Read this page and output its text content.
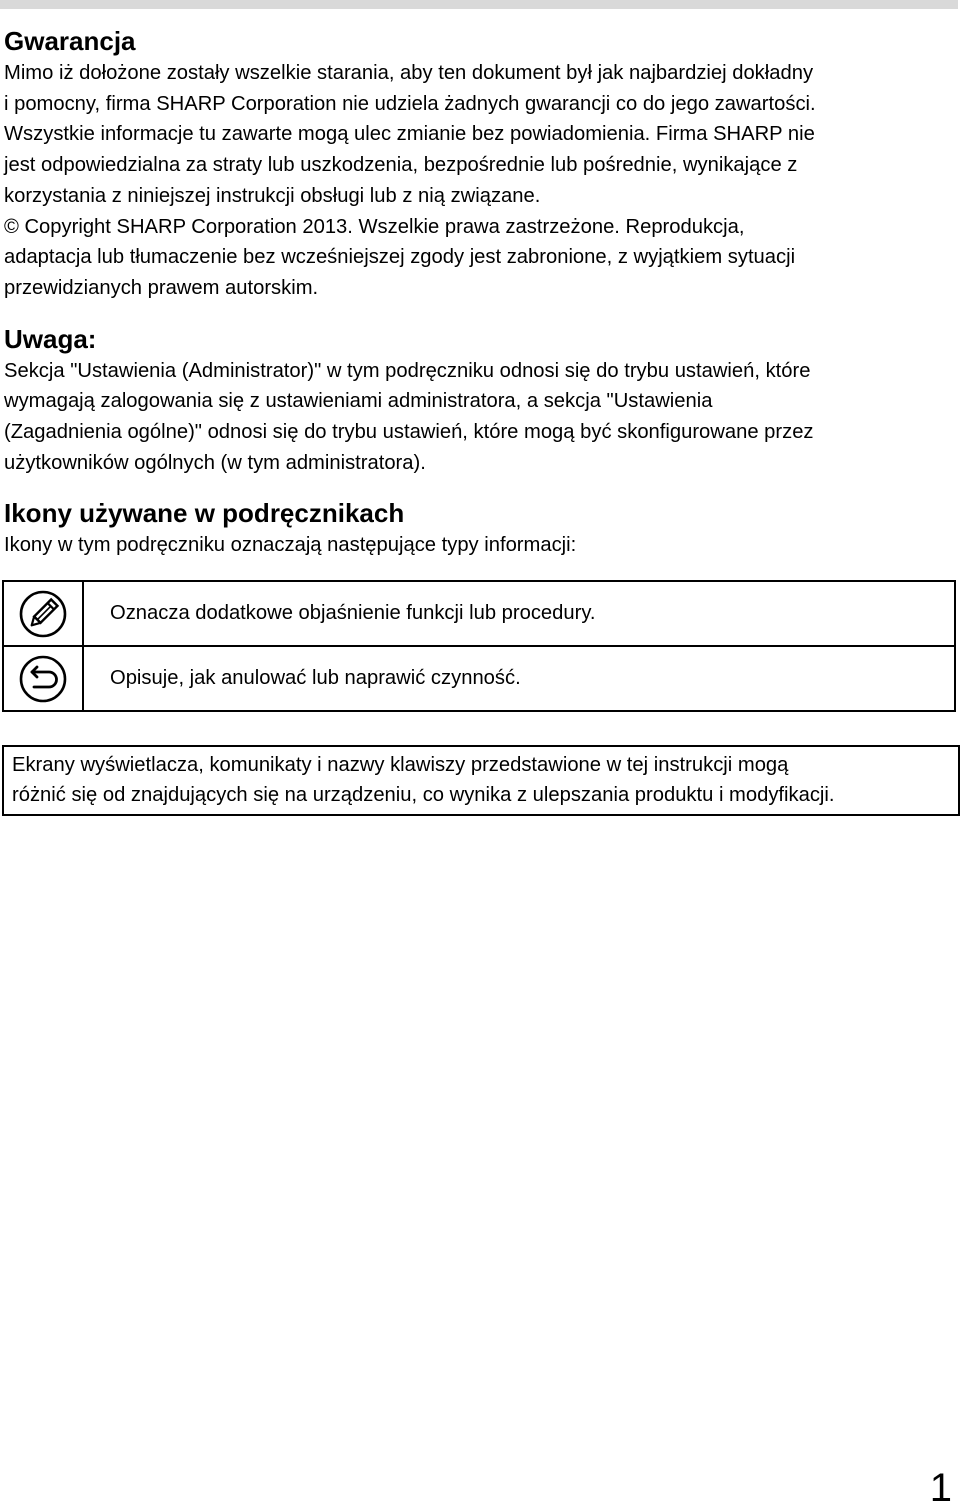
Gwarancja

Mimo iż dołożone zostały wszelkie starania, aby ten dokument był jak najbardziej dokładny
i pomocny, firma SHARP Corporation nie udziela żadnych gwarancji co do jego zawartości.
Wszystkie informacje tu zawarte mogą ulec zmianie bez powiadomienia. Firma SHARP nie
jest odpowiedzialna za straty lub uszkodzenia, bezpośrednie lub pośrednie, wynikające z
korzystania z niniejszej instrukcji obsługi lub z nią związane.
© Copyright SHARP Corporation 2013. Wszelkie prawa zastrzeżone. Reprodukcja,
adaptacja lub tłumaczenie bez wcześniejszej zgody jest zabronione, z wyjątkiem sytuacji
przewidzianych prawem autorskim.

Uwaga:

Sekcja "Ustawienia (Administrator)" w tym podręczniku odnosi się do trybu ustawień, które
wymagają zalogowania się z ustawieniami administratora, a sekcja "Ustawienia
(Zagadnienia ogólne)" odnosi się do trybu ustawień, które mogą być skonfigurowane przez
użytkowników ogólnych (w tym administratora).

Ikony używane w podręcznikach

Ikony w tym podręczniku oznaczają następujące typy informacji:

	Oznacza dodatkowe objaśnienie funkcji lub procedury.

	Opisuje, jak anulować lub naprawić czynność.
Ekrany wyświetlacza, komunikaty i nazwy klawiszy przedstawione w tej instrukcji mogą
różnić się od znajdujących się na urządzeniu, co wynika z ulepszania produktu i modyfikacji.
1
